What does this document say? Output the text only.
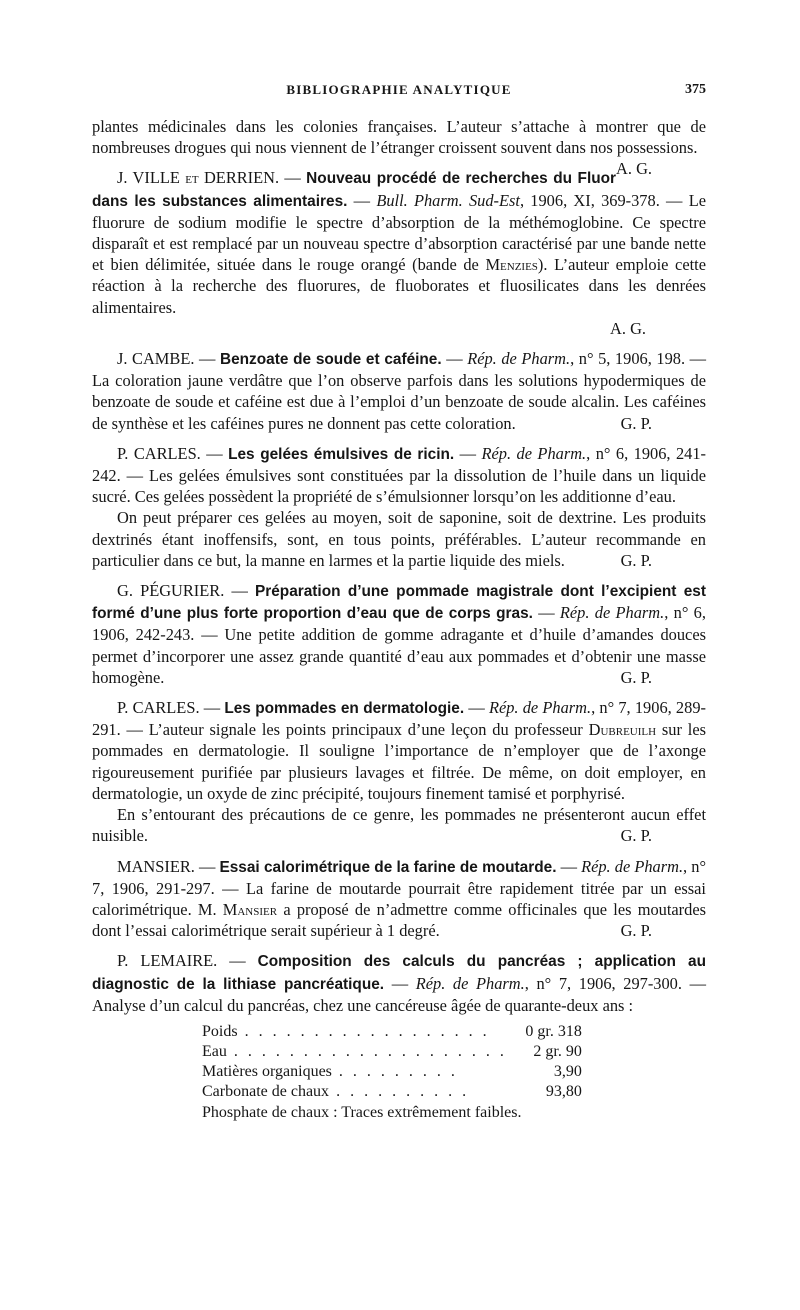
BIBLIOGRAPHIE ANALYTIQUE	375

plantes médicinales dans les colonies françaises. L’auteur s’attache à montrer que de nombreuses drogues qui nous viennent de l’étranger croissent souvent dans nos possessions.
A. G.

J. VILLE et DERRIEN. — Nouveau procédé de recherches du Fluor dans les substances alimentaires. — Bull. Pharm. Sud-Est, 1906, XI, 369-378. — Le fluorure de sodium modifie le spectre d’absorption de la méthémoglobine. Ce spectre disparaît et est remplacé par un nouveau spectre d’absorption caractérisé par une bande nette et bien délimitée, située dans le rouge orangé (bande de Menzies). L’auteur emploie cette réaction à la recherche des fluorures, de fluoborates et fluosilicates dans les denrées alimentaires.

A. G.

J. CAMBE. — Benzoate de soude et caféine. — Rép. de Pharm., n° 5, 1906, 198. — La coloration jaune verdâtre que l’on observe parfois dans les solutions hypodermiques de benzoate de soude et caféine est due à l’emploi d’un benzoate de soude alcalin. Les caféines de synthèse et les caféines pures ne donnent pas cette coloration.	G. P.

P. CARLES. — Les gelées émulsives de ricin. — Rép. de Pharm., n° 6, 1906, 241-242. — Les gelées émulsives sont constituées par la dissolution de l’huile dans un liquide sucré. Ces gelées possèdent la propriété de s’émulsionner lorsqu’on les additionne d’eau.

On peut préparer ces gelées au moyen, soit de saponine, soit de dextrine. Les produits dextrinés étant inoffensifs, sont, en tous points, préférables. L’auteur recommande en particulier dans ce but, la manne en larmes et la partie liquide des miels.	G. P.

G. PÉGURIER. — Préparation d’une pommade magistrale dont l’excipient est formé d’une plus forte proportion d’eau que de corps gras. — Rép. de Pharm., n° 6, 1906, 242-243. — Une petite addition de gomme adragante et d’huile d’amandes douces permet d’incorporer une assez grande quantité d’eau aux pommades et d’obtenir une masse homogène.	G. P.

P. CARLES. — Les pommades en dermatologie. — Rép. de Pharm., n° 7, 1906, 289-291. — L’auteur signale les points principaux d’une leçon du professeur Dubreuilh sur les pommades en dermatologie. Il souligne l’importance de n’employer que de l’axonge rigoureusement purifiée par plusieurs lavages et filtrée. De même, on doit employer, en dermatologie, un oxyde de zinc précipité, toujours finement tamisé et porphyrisé.

En s’entourant des précautions de ce genre, les pommades ne présenteront aucun effet nuisible.	G. P.

MANSIER. — Essai calorimétrique de la farine de moutarde. — Rép. de Pharm., n° 7, 1906, 291-297. — La farine de moutarde pourrait être rapidement titrée par un essai calorimétrique. M. Mansier a proposé de n’admettre comme officinales que les moutardes dont l’essai calorimétrique serait supérieur à 1 degré.	G. P.

P. LEMAIRE. — Composition des calculs du pancréas ; application au diagnostic de la lithiase pancréatique. — Rép. de Pharm., n° 7, 1906, 297-300. — Analyse d’un calcul du pancréas, chez une cancéreuse âgée de quarante-deux ans :

Poids . . . . . . . . . . . . . . . . . .	0 gr. 318
Eau . . . . . . . . . . . . . . . . . . . .	2 gr. 90
Matières organiques . . . . . . . . .	3,90
Carbonate de chaux . . . . . . . . . .	93,80
Phosphate de chaux : Traces extrêmement faibles.
